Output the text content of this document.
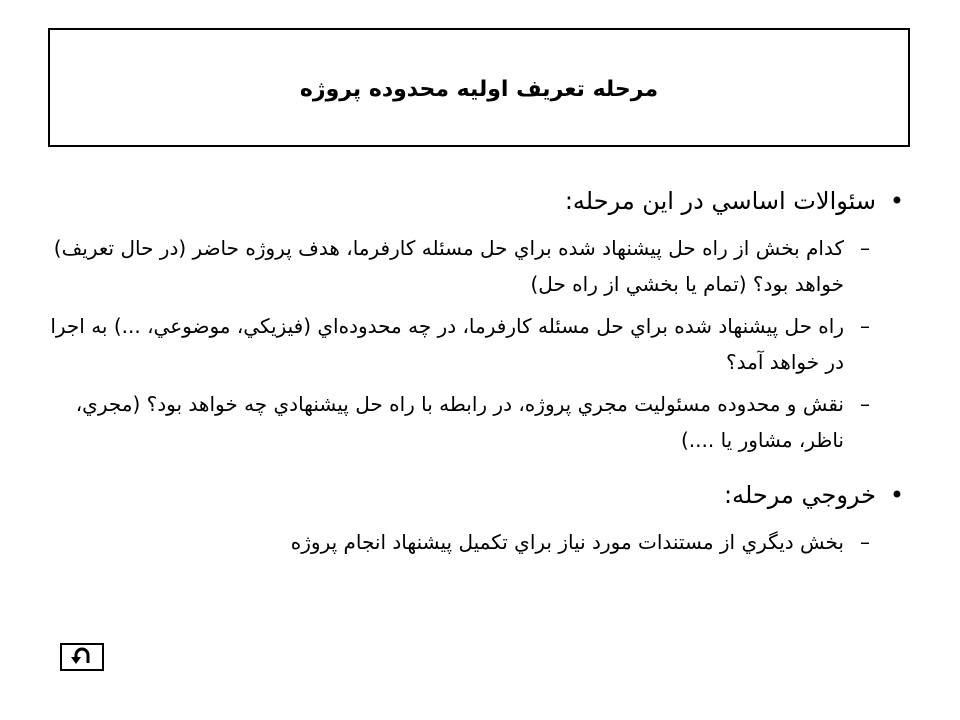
مرحله تعريف اوليه محدوده پروژه
•
سئوالات اساسي در اين مرحله:
–
كدام بخش از راه حل پيشنهاد شده براي حل مسئله كارفرما، هدف پروژه حاضر (در حال تعريف) خواهد بود؟ (تمام يا بخشي از راه حل)
–
راه حل پيشنهاد شده براي حل مسئله كارفرما، در چه محدوده‌اي (فيزيكي، موضوعي، ...) به اجرا در خواهد آمد؟
–
نقش و محدوده مسئوليت مجري پروژه، در رابطه با راه حل پيشنهادي چه خواهد بود؟ (مجري، ناظر، مشاور يا ....)
•
خروجي مرحله:
–
بخش ديگري از مستندات مورد نياز براي تكميل پيشنهاد انجام پروژه
